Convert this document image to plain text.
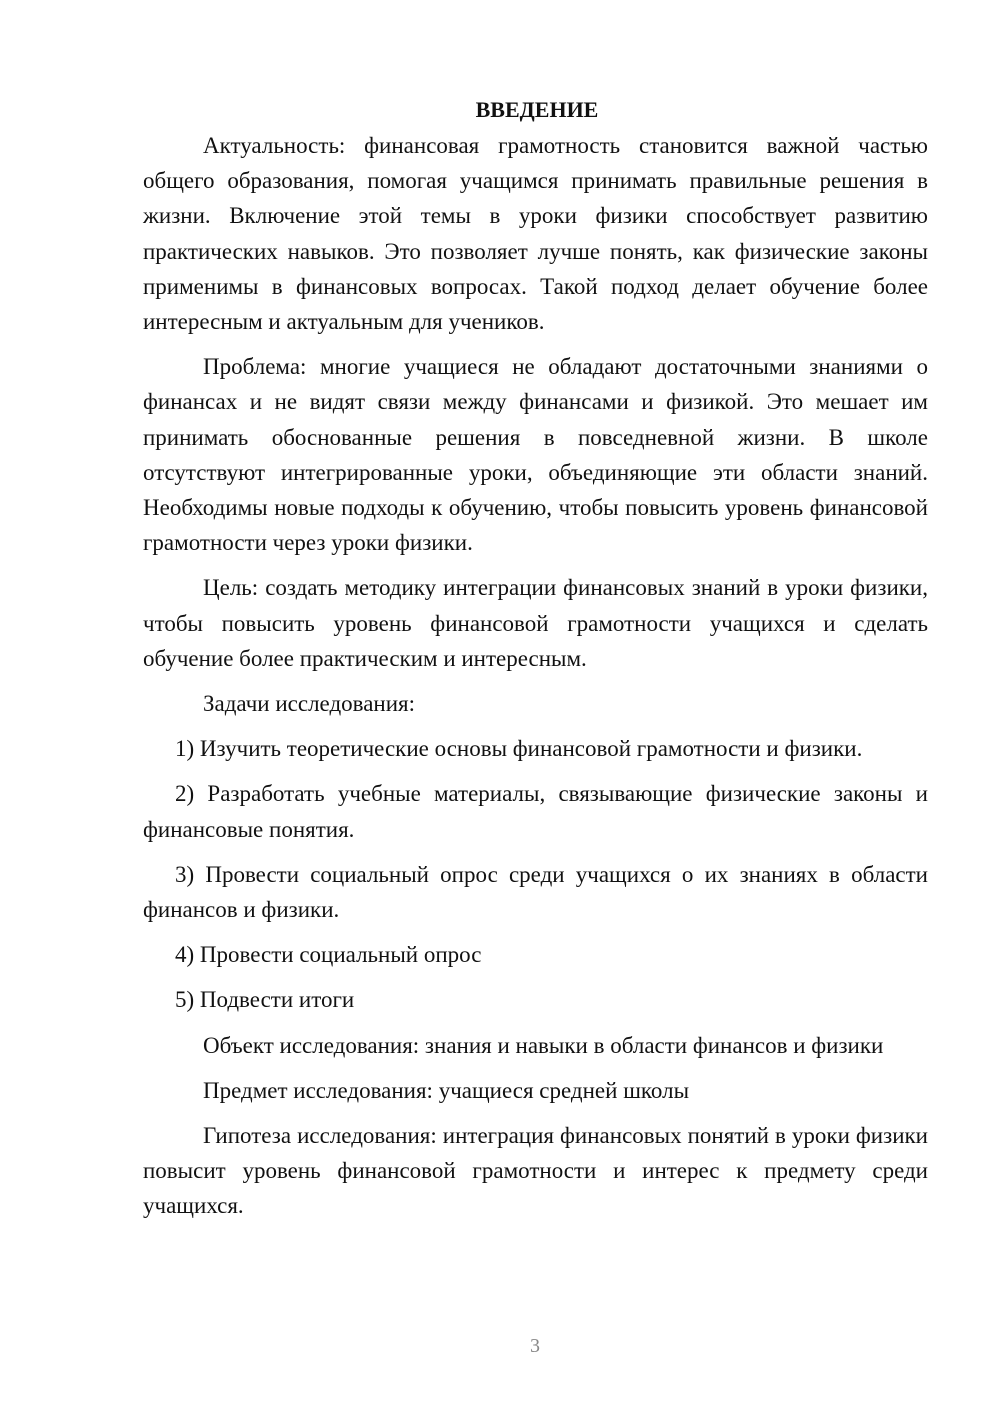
ВВЕДЕНИЕ

Актуальность: финансовая грамотность становится важной частью общего образования, помогая учащимся принимать правильные решения в жизни. Включение этой темы в уроки физики способствует развитию практических навыков. Это позволяет лучше понять, как физические законы применимы в финансовых вопросах. Такой подход делает обучение более интересным и актуальным для учеников.

Проблема: многие учащиеся не обладают достаточными знаниями о финансах и не видят связи между финансами и физикой. Это мешает им принимать обоснованные решения в повседневной жизни. В школе отсутствуют интегрированные уроки, объединяющие эти области знаний. Необходимы новые подходы к обучению, чтобы повысить уровень финансовой грамотности через уроки физики.

Цель: создать методику интеграции финансовых знаний в уроки физики, чтобы повысить уровень финансовой грамотности учащихся и сделать обучение более практическим и интересным.

Задачи исследования:

1) Изучить теоретические основы финансовой грамотности и физики.

2) Разработать учебные материалы, связывающие физические законы и финансовые понятия.

3) Провести социальный опрос среди учащихся о их знаниях в области финансов и физики.

4) Провести социальный опрос

5) Подвести итоги

Объект исследования: знания и навыки в области финансов и физики

Предмет исследования: учащиеся средней школы

Гипотеза исследования: интеграция финансовых понятий в уроки физики повысит уровень финансовой грамотности и интерес к предмету среди учащихся.

3
